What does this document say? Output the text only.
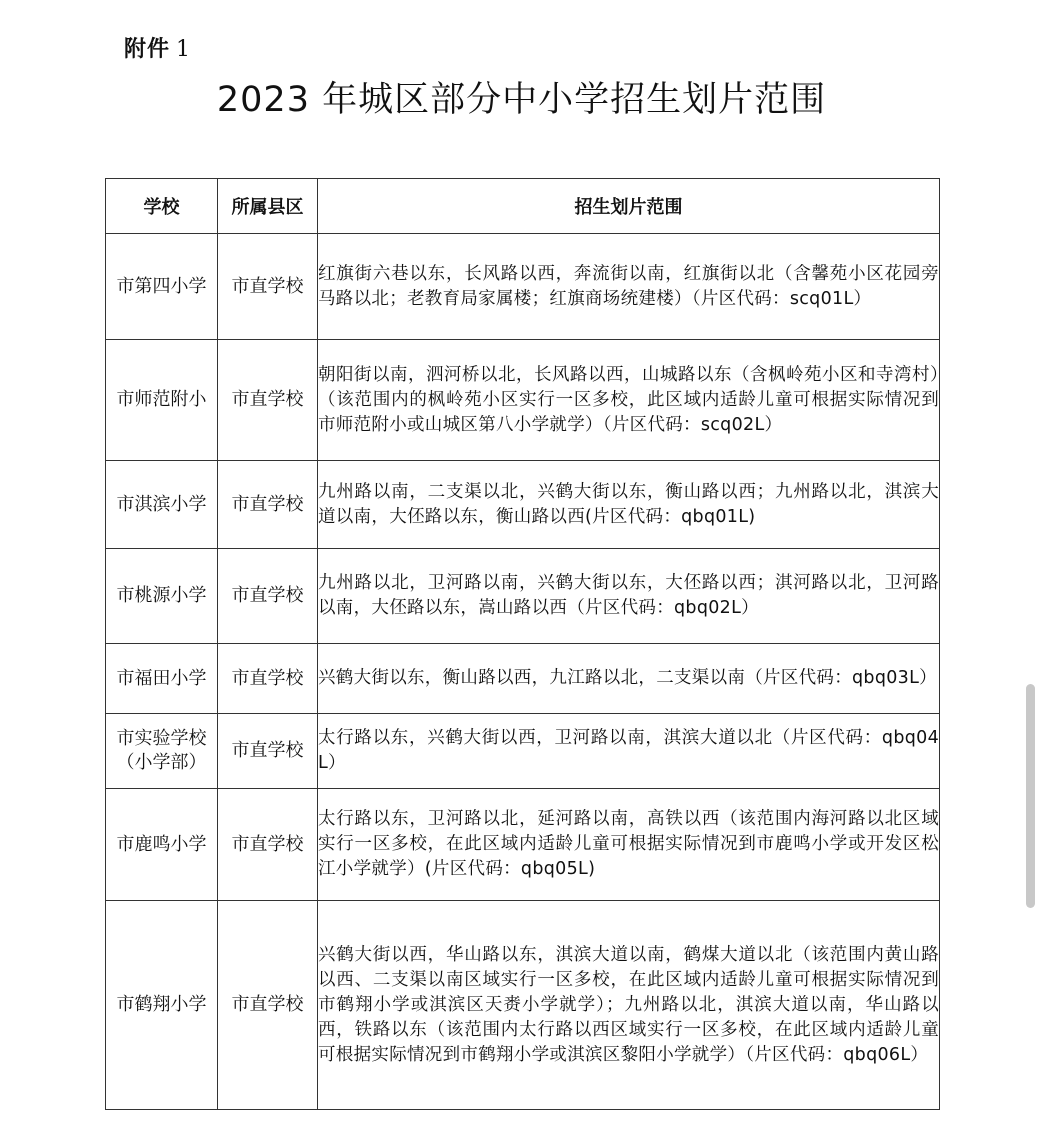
附件 1
2023 年城区部分中小学招生划片范围
学校	所属县区	招生划片范围
市第四小学	市直学校	红旗街六巷以东，长风路以西，奔流街以南，红旗街以北（含馨苑小区花园旁马路以北；老教育局家属楼；红旗商场统建楼）（片区代码：scq01L）
市师范附小	市直学校	朝阳街以南，泗河桥以北，长风路以西，山城路以东（含枫岭苑小区和寺湾村）（该范围内的枫岭苑小区实行一区多校，此区域内适龄儿童可根据实际情况到市师范附小或山城区第八小学就学）（片区代码：scq02L）
市淇滨小学	市直学校	九州路以南，二支渠以北，兴鹤大街以东，衡山路以西；九州路以北，淇滨大道以南，大伾路以东，衡山路以西(片区代码：qbq01L)
市桃源小学	市直学校	九州路以北，卫河路以南，兴鹤大街以东，大伾路以西；淇河路以北，卫河路以南，大伾路以东，嵩山路以西（片区代码：qbq02L）
市福田小学	市直学校	兴鹤大街以东，衡山路以西，九江路以北，二支渠以南（片区代码：qbq03L）
市实验学校（小学部）	市直学校	太行路以东，兴鹤大街以西，卫河路以南，淇滨大道以北（片区代码：qbq04L）
市鹿鸣小学	市直学校	太行路以东，卫河路以北，延河路以南，高铁以西（该范围内海河路以北区域实行一区多校，在此区域内适龄儿童可根据实际情况到市鹿鸣小学或开发区松江小学就学）(片区代码：qbq05L)
市鹤翔小学	市直学校	兴鹤大街以西，华山路以东，淇滨大道以南，鹤煤大道以北（该范围内黄山路以西、二支渠以南区域实行一区多校，在此区域内适龄儿童可根据实际情况到市鹤翔小学或淇滨区天赉小学就学）；九州路以北，淇滨大道以南，华山路以西，铁路以东（该范围内太行路以西区域实行一区多校，在此区域内适龄儿童可根据实际情况到市鹤翔小学或淇滨区黎阳小学就学）（片区代码：qbq06L）
